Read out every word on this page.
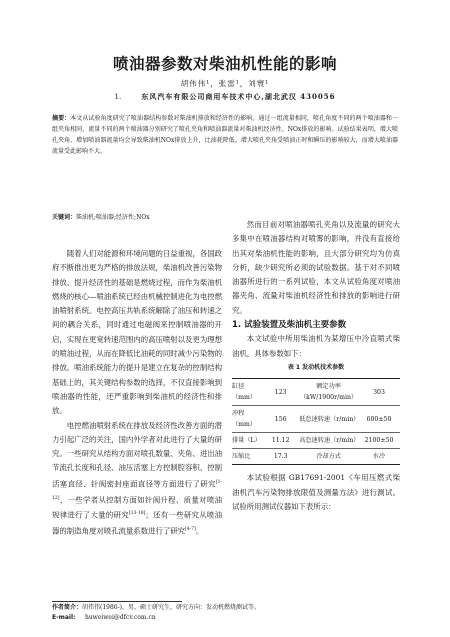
喷油器参数对柴油机性能的影响
胡伟伟¹，张雷¹，刘寰¹
1.	东风汽车有限公司商用车技术中心,湖北武汉 430056
摘要：本文从试验角度研究了喷油器结构参数对柴油机排放和经济性的影响。通过一组流量相同，喷孔角度不同的两个喷油器和一组夹角相同，流量不同的两个喷油器分别研究了喷孔夹角和喷油器流量对柴油机经济性、NOx排放的影响。试验结果表明，增大喷孔夹角、增加喷油器流量均会导致柴油机NOx排放上升，比油耗降低。增大喷孔夹角受喷油正时和瞬压的影响较大，而增大喷油器流量受此影响不大。
关键词：柴油机;喷油器;经济性;NOx

随着人们对能源和环境问题的日益重视，各国政府不断推出更为严格的排放法规，柴油机改善污染物排放、提升经济性的基础是燃烧过程，而作为柴油机燃烧的核心—喷油系统已经由机械控制进化为电控燃油喷射系统。电控高压共轨系统解除了油压和转速之间的耦合关系，同时通过电磁阀来控制喷油器的开启，实现在更宽转速范围内的高压喷射以及更为理想的喷油过程，从而在降低比油耗的同时减少污染物的排放。喷油系统能力的提升是建立在复杂的控制结构基础上的，其关键结构参数的选择，不仅直接影响到喷油器的性能，还严重影响到柴油机的经济性和排放。

电控燃油喷射系统在排放及经济性改善方面的潜力引起广泛的关注，国内外学者对此进行了大量的研究。一些研究从结构方面对喷孔数量、夹角、进出油节流孔长度和孔径、油压活塞上方控制腔容积、控制活塞直径、针阀密封座面直径等方面进行了研究[1-12]，一些学者从控制方面如针阀升程、质量对喷油规律进行了大量的研究[13-18]；还有一些研究从喷油器的制造角度对喷孔流量系数进行了研究[4-7]。

然而目前对喷油器喷孔夹角以及流量的研究大多集中在喷油器结构对喷雾的影响，并没有直接给出其对柴油机性能的影响，且大部分研究均为仿真分析，缺少研究所必须的试验数据。基于对不同喷油器所进行的一系列试验，本文从试验角度对喷油器夹角、流量对柴油机经济性和排放的影响进行研究。

1. 试验装置及柴油机主要参数

本文试验中所用柴油机为某增压中冷直喷式柴油机，具体参数如下：

表 1 发动机技术参数
缸径（mm）	123	额定功率（kW/1900r/min）	303
冲程（mm）	156	低怠速转速（r/min）	600±50
排量（L）	11.12	高怠速转速（r/min）	2100±50
压缩比	17.3	冷却方式	水冷

本试验根据 GB17691-2001《车用压燃式柴油机汽车污染物排放限值及测量方法》进行测试。试验所用测试仪器如下表所示：

作者简介：胡伟伟(1986-)，男，硕士研究生，研究方向：发动机燃烧测试等。
E-mail: huweiwei@dfcv.com.cn
